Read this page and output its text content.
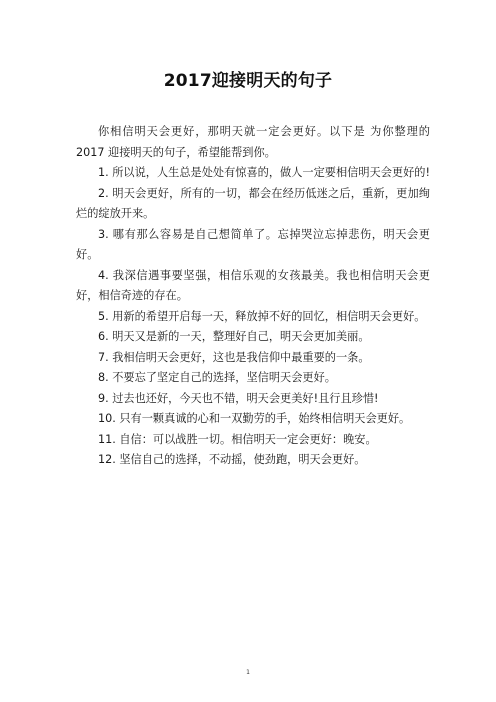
2017迎接明天的句子

你相信明天会更好，那明天就一定会更好。以下是 为你整理的 2017 迎接明天的句子，希望能帮到你。

1. 所以说，人生总是处处有惊喜的，做人一定要相信明天会更好的!

2. 明天会更好，所有的一切，都会在经历低迷之后，重新，更加绚烂的绽放开来。

3. 哪有那么容易是自己想简单了。忘掉哭泣忘掉悲伤，明天会更好。

4. 我深信遇事要坚强，相信乐观的女孩最美。我也相信明天会更好，相信奇迹的存在。

5. 用新的希望开启每一天，释放掉不好的回忆，相信明天会更好。

6. 明天又是新的一天，整理好自己，明天会更加美丽。

7. 我相信明天会更好，这也是我信仰中最重要的一条。

8. 不要忘了坚定自己的选择，坚信明天会更好。

9. 过去也还好，今天也不错，明天会更美好!且行且珍惜!

10. 只有一颗真诚的心和一双勤劳的手，始终相信明天会更好。

11. 自信：可以战胜一切。相信明天一定会更好：晚安。

12. 坚信自己的选择，不动摇，使劲跑，明天会更好。

1
